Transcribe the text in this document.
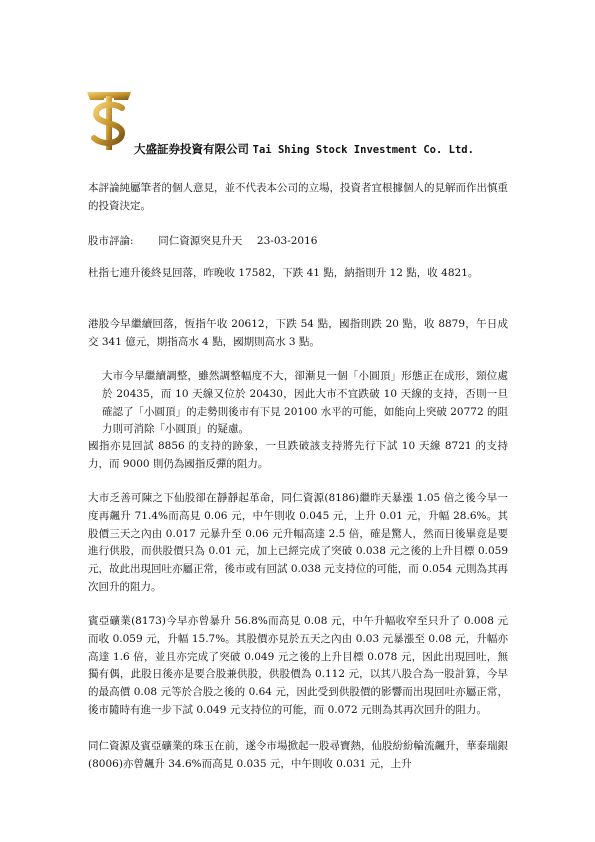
大盛証券投資有限公司 Tai Shing Stock Investment Co. Ltd.

本評論純屬筆者的個人意見，並不代表本公司的立場，投資者宜根據個人的見解而作出慎重的投資決定。

股市評論: 同仁資源突見升天 23-03-2016

杜指七連升後終見回落，昨晚收 17582，下跌 41 點，納指則升 12 點，收 4821。

港股今早繼續回落，恆指午收 20612，下跌 54 點，國指則跌 20 點，收 8879，午日成交 341 億元，期指高水 4 點，國期則高水 3 點。

大市今早繼續調整，雖然調整幅度不大，卻漸見一個「小圓頂」形態正在成形，頸位處於 20435，而 10 天線又位於 20430，因此大市不宜跌破 10 天線的支持，否則一旦確認了「小圓頂」的走勢則後市有下見 20100 水平的可能，如能向上突破 20772 的阻力則可消除「小圓頂」的疑慮。

國指亦見回試 8856 的支持的跡象，一旦跌破該支持將先行下試 10 天線 8721 的支持力，而 9000 則仍為國指反彈的阻力。

大市乏善可陳之下仙股卻在靜靜起革命，同仁資源(8186)繼昨天暴漲 1.05 倍之後今早一度再飆升 71.4%而高見 0.06 元，中午則收 0.045 元，上升 0.01 元，升幅 28.6%。其股價三天之內由 0.017 元暴升至 0.06 元升幅高達 2.5 倍，確是驚人，然而日後畢竟是要進行供股，而供股價只為 0.01 元，加上已經完成了突破 0.038 元之後的上升目標 0.059 元，故此出現回吐亦屬正常，後市或有回試 0.038 元支持位的可能，而 0.054 元則為其再次回升的阻力。

賓亞礦業(8173)今早亦曾暴升 56.8%而高見 0.08 元，中午升幅收窄至只升了 0.008 元而收 0.059 元，升幅 15.7%。其股價亦見於五天之內由 0.03 元暴漲至 0.08 元，升幅亦高達 1.6 倍，並且亦完成了突破 0.049 元之後的上升目標 0.078 元，因此出現回吐，無獨有偶，此股日後亦是要合股兼供股，供股價為 0.112 元，以其八股合為一股計算，今早的最高價 0.08 元等於合股之後的 0.64 元，因此受到供股價的影響而出現回吐亦屬正常，後市隨時有進一步下試 0.049 元支持位的可能，而 0.072 元則為其再次回升的阻力。

同仁資源及賓亞礦業的珠玉在前，遂令市場掀起一股尋寶熱，仙股紛紛輪流飆升，華泰瑞銀(8006)亦曾飆升 34.6%而高見 0.035 元，中午則收 0.031 元，上升
